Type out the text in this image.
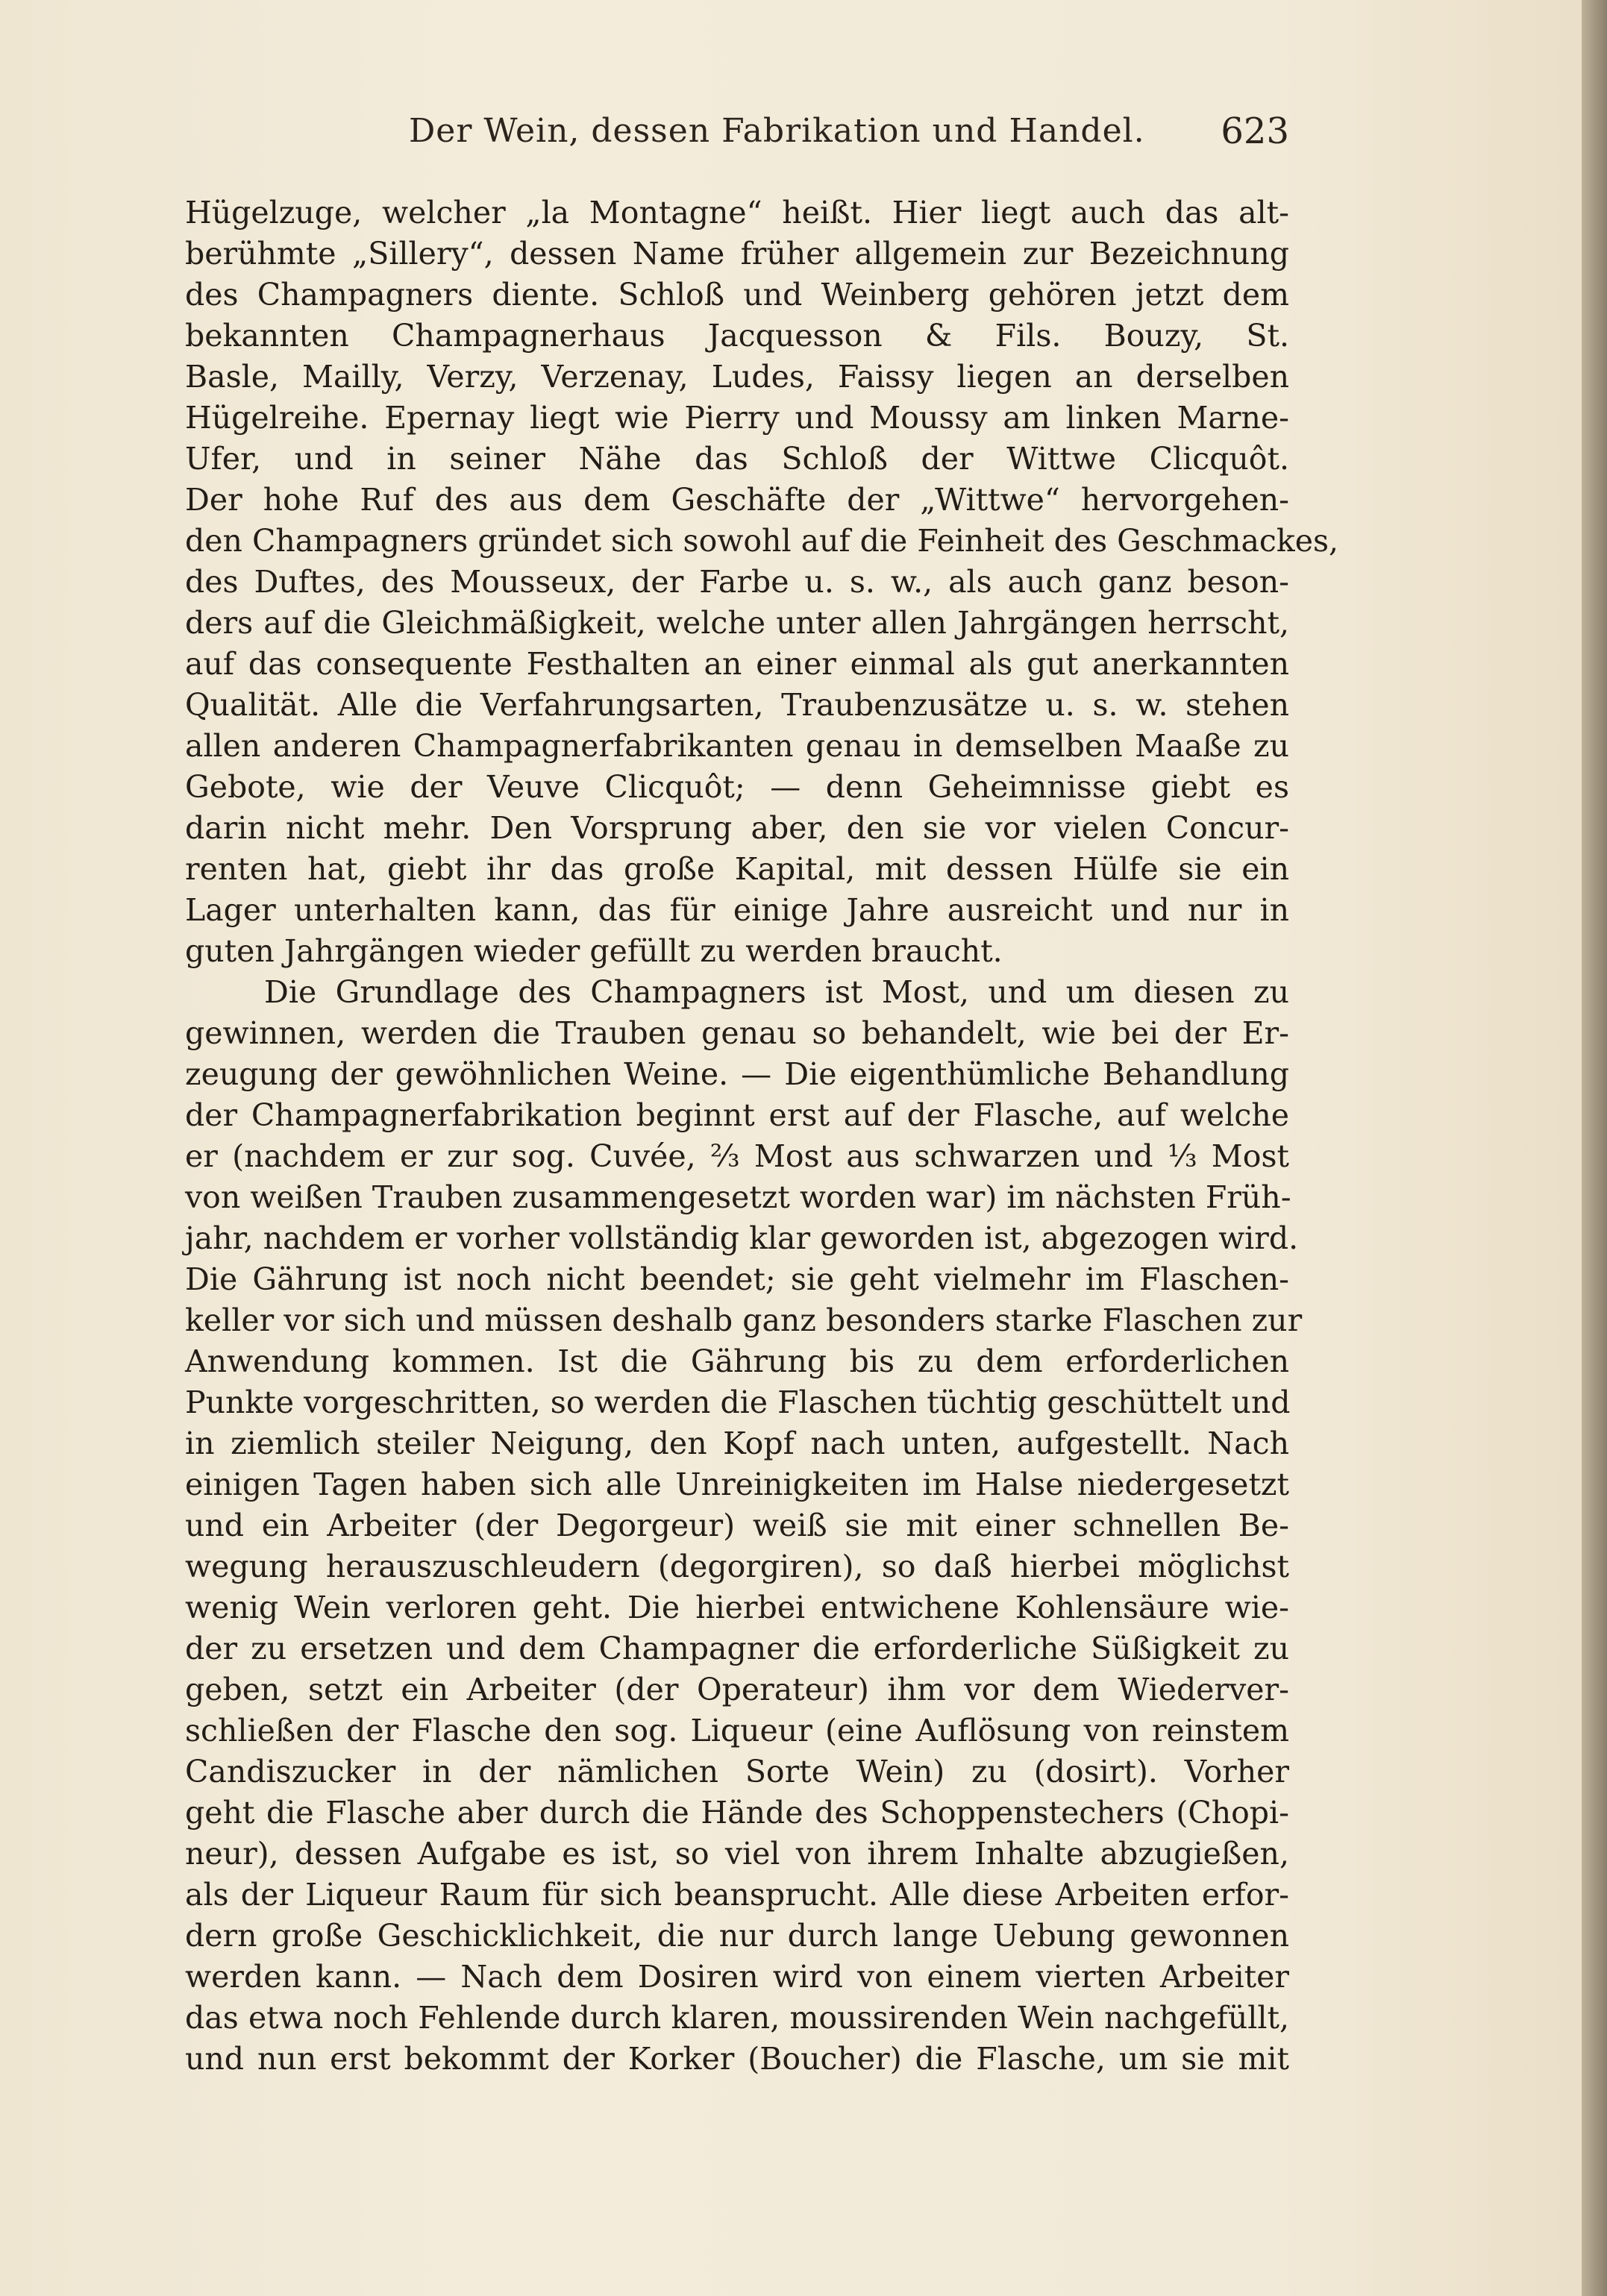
Der Wein, dessen Fabrikation und Handel. 623
Hügelzuge, welcher „la Montagne“ heißt. Hier liegt auch das alt-
berühmte „Sillery“, dessen Name früher allgemein zur Bezeichnung
des Champagners diente. Schloß und Weinberg gehören jetzt dem
bekannten Champagnerhaus Jacquesson & Fils. Bouzy, St.
Basle, Mailly, Verzy, Verzenay, Ludes, Faissy liegen an derselben
Hügelreihe. Epernay liegt wie Pierry und Moussy am linken Marne-
Ufer, und in seiner Nähe das Schloß der Wittwe Clicquôt.
Der hohe Ruf des aus dem Geschäfte der „Wittwe“ hervorgehen-
den Champagners gründet sich sowohl auf die Feinheit des Geschmackes,
des Duftes, des Mousseux, der Farbe u. s. w., als auch ganz beson-
ders auf die Gleichmäßigkeit, welche unter allen Jahrgängen herrscht,
auf das consequente Festhalten an einer einmal als gut anerkannten
Qualität. Alle die Verfahrungsarten, Traubenzusätze u. s. w. stehen
allen anderen Champagnerfabrikanten genau in demselben Maaße zu
Gebote, wie der Veuve Clicquôt; — denn Geheimnisse giebt es
darin nicht mehr. Den Vorsprung aber, den sie vor vielen Concur-
renten hat, giebt ihr das große Kapital, mit dessen Hülfe sie ein
Lager unterhalten kann, das für einige Jahre ausreicht und nur in
guten Jahrgängen wieder gefüllt zu werden braucht.
Die Grundlage des Champagners ist Most, und um diesen zu
gewinnen, werden die Trauben genau so behandelt, wie bei der Er-
zeugung der gewöhnlichen Weine. — Die eigenthümliche Behandlung
der Champagnerfabrikation beginnt erst auf der Flasche, auf welche
er (nachdem er zur sog. Cuvée, ⅔ Most aus schwarzen und ⅓ Most
von weißen Trauben zusammengesetzt worden war) im nächsten Früh-
jahr, nachdem er vorher vollständig klar geworden ist, abgezogen wird.
Die Gährung ist noch nicht beendet; sie geht vielmehr im Flaschen-
keller vor sich und müssen deshalb ganz besonders starke Flaschen zur
Anwendung kommen. Ist die Gährung bis zu dem erforderlichen
Punkte vorgeschritten, so werden die Flaschen tüchtig geschüttelt und
in ziemlich steiler Neigung, den Kopf nach unten, aufgestellt. Nach
einigen Tagen haben sich alle Unreinigkeiten im Halse niedergesetzt
und ein Arbeiter (der Degorgeur) weiß sie mit einer schnellen Be-
wegung herauszuschleudern (degorgiren), so daß hierbei möglichst
wenig Wein verloren geht. Die hierbei entwichene Kohlensäure wie-
der zu ersetzen und dem Champagner die erforderliche Süßigkeit zu
geben, setzt ein Arbeiter (der Operateur) ihm vor dem Wiederver-
schließen der Flasche den sog. Liqueur (eine Auflösung von reinstem
Candiszucker in der nämlichen Sorte Wein) zu (dosirt). Vorher
geht die Flasche aber durch die Hände des Schoppenstechers (Chopi-
neur), dessen Aufgabe es ist, so viel von ihrem Inhalte abzugießen,
als der Liqueur Raum für sich beansprucht. Alle diese Arbeiten erfor-
dern große Geschicklichkeit, die nur durch lange Uebung gewonnen
werden kann. — Nach dem Dosiren wird von einem vierten Arbeiter
das etwa noch Fehlende durch klaren, moussirenden Wein nachgefüllt,
und nun erst bekommt der Korker (Boucher) die Flasche, um sie mit
